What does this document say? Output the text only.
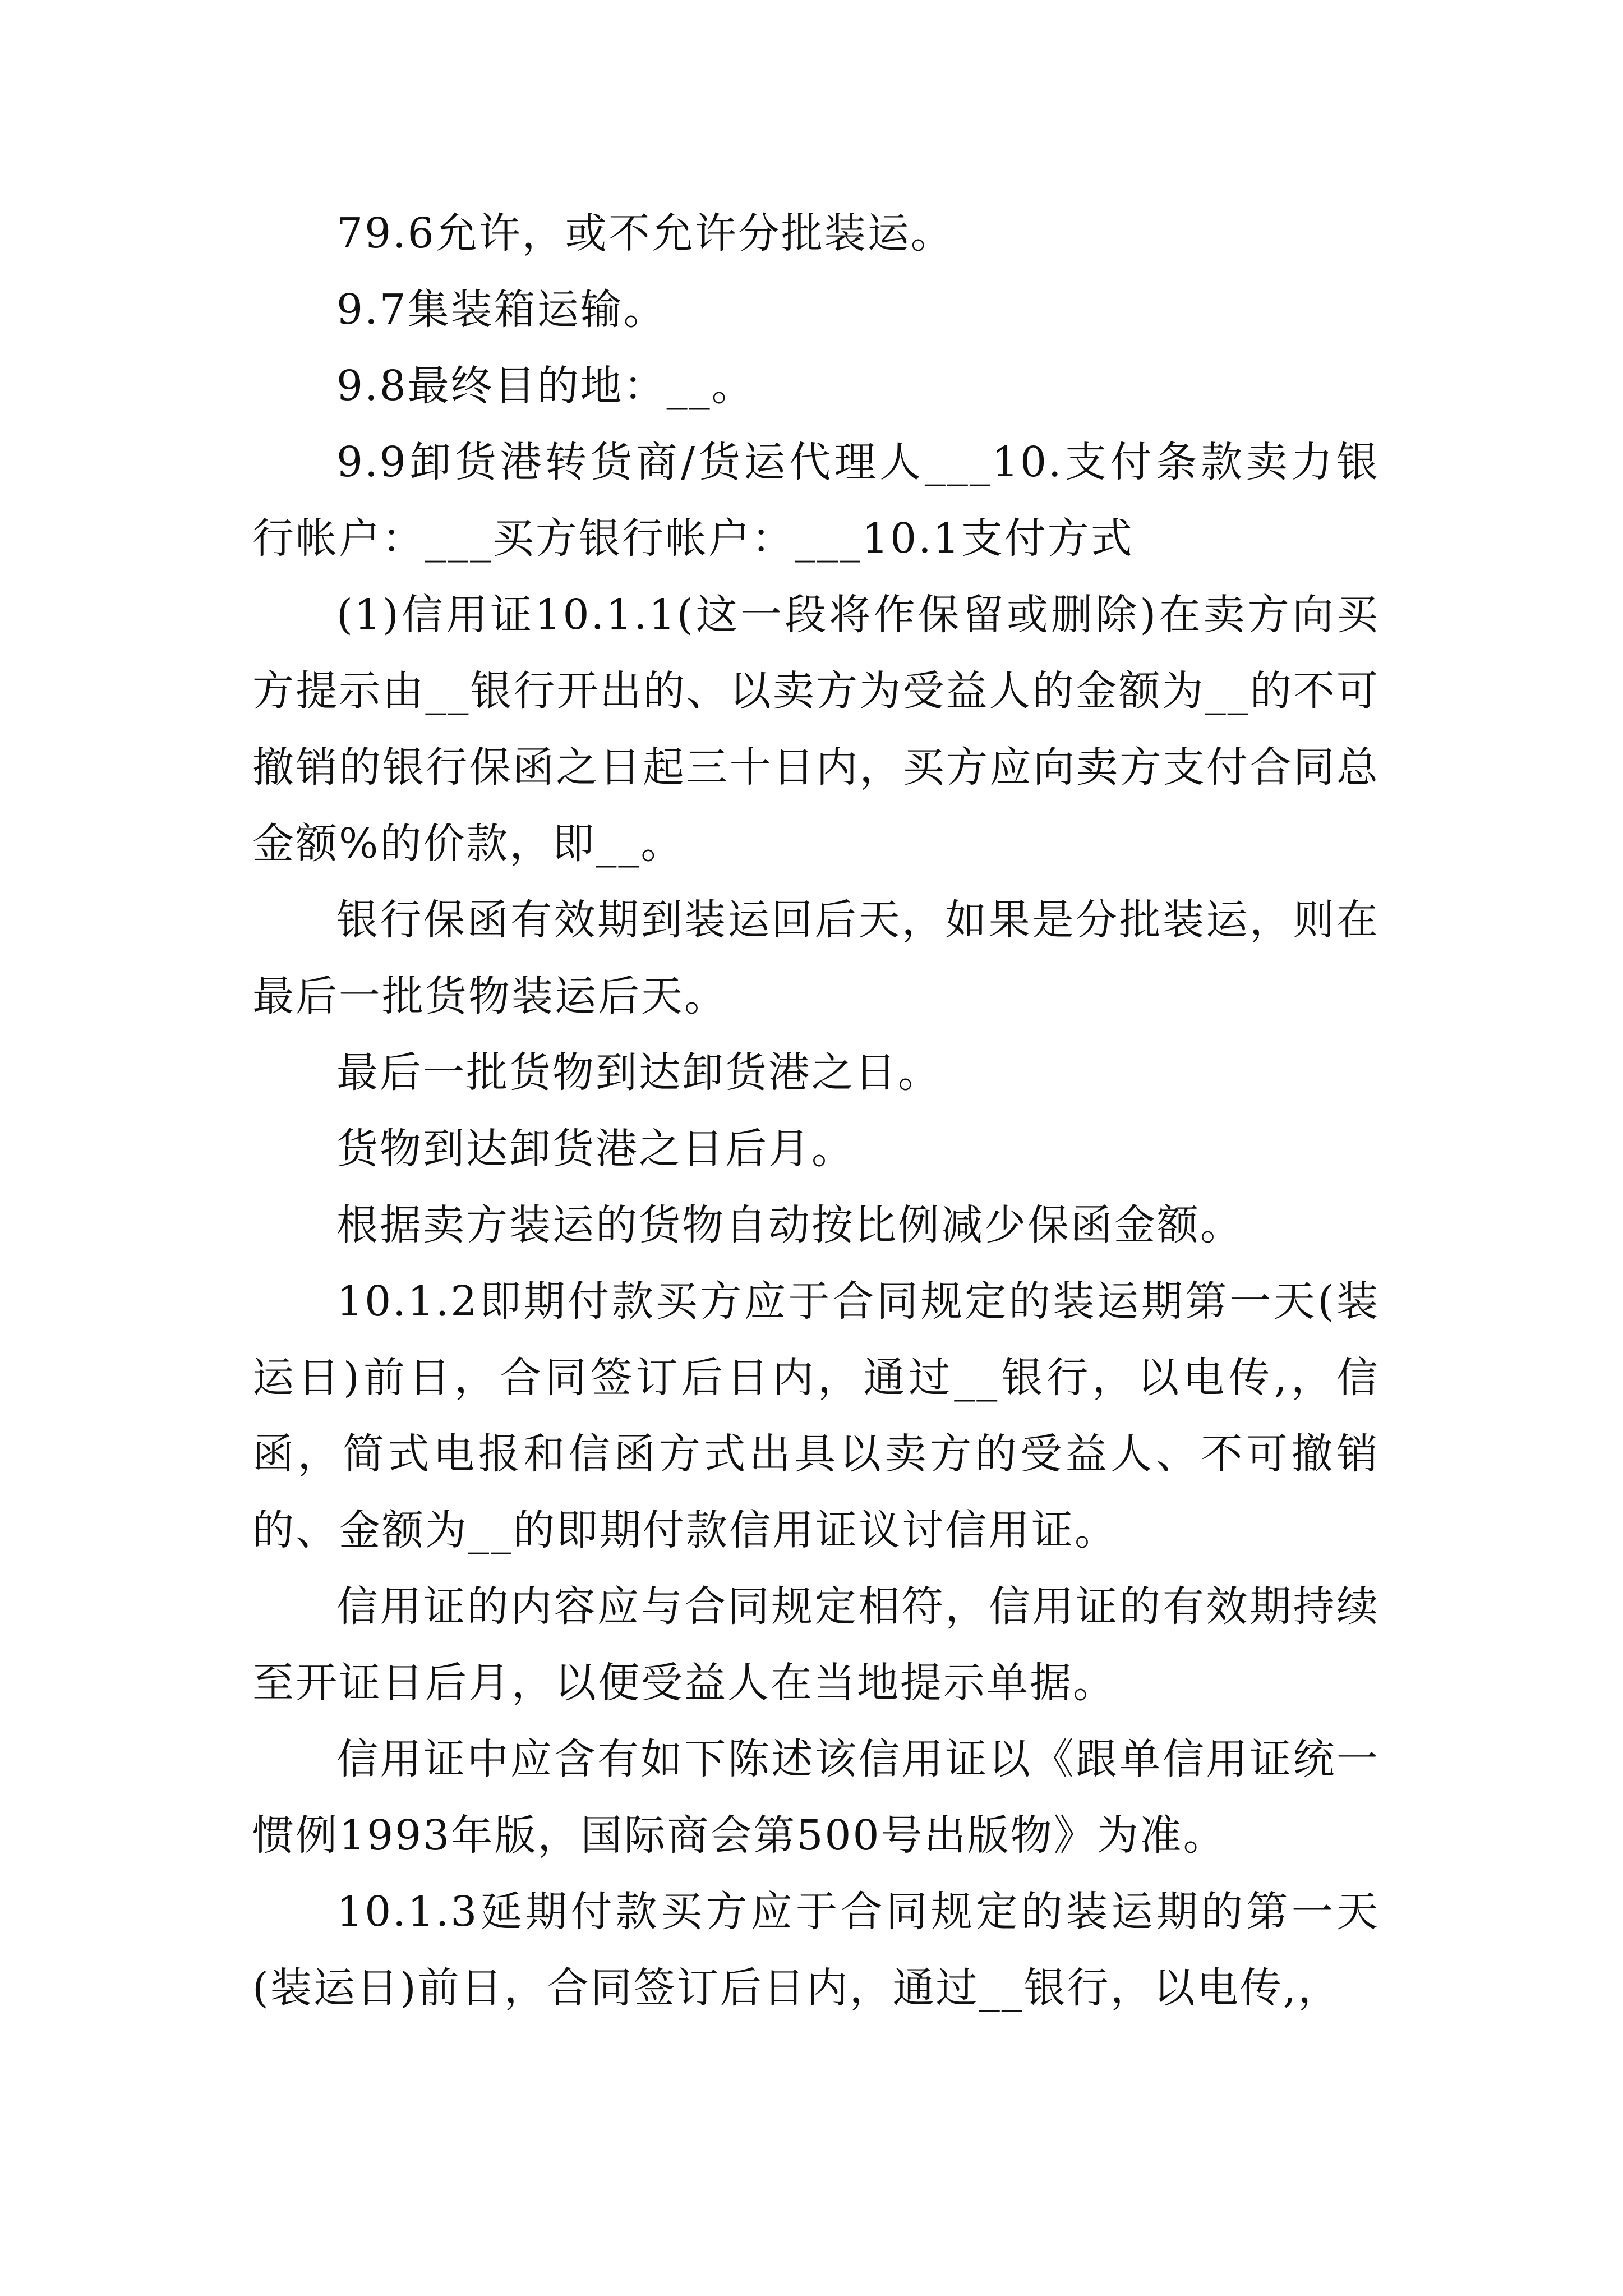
79.6允许，或不允许分批装运。

9.7集装箱运输。

9.8最终目的地：__。

9.9卸货港转货商/货运代理人___10.支付条款卖力银行帐户：___买方银行帐户：___10.1支付方式

(1)信用证10.1.1(这一段将作保留或删除)在卖方向买方提示由__银行开出的、以卖方为受益人的金额为__的不可撤销的银行保函之日起三十日内，买方应向卖方支付合同总金额%的价款，即__。

银行保函有效期到装运回后天，如果是分批装运，则在最后一批货物装运后天。

最后一批货物到达卸货港之日。

货物到达卸货港之日后月。

根据卖方装运的货物自动按比例减少保函金额。

10.1.2即期付款买方应于合同规定的装运期第一天(装运日)前日，合同签订后日内，通过__银行，以电传,，信函，简式电报和信函方式出具以卖方的受益人、不可撤销的、金额为__的即期付款信用证议讨信用证。

信用证的内容应与合同规定相符，信用证的有效期持续至开证日后月，以便受益人在当地提示单据。

信用证中应含有如下陈述该信用证以《跟单信用证统一惯例1993年版，国际商会第500号出版物》为准。

10.1.3延期付款买方应于合同规定的装运期的第一天(装运日)前日，合同签订后日内，通过__银行，以电传,，
